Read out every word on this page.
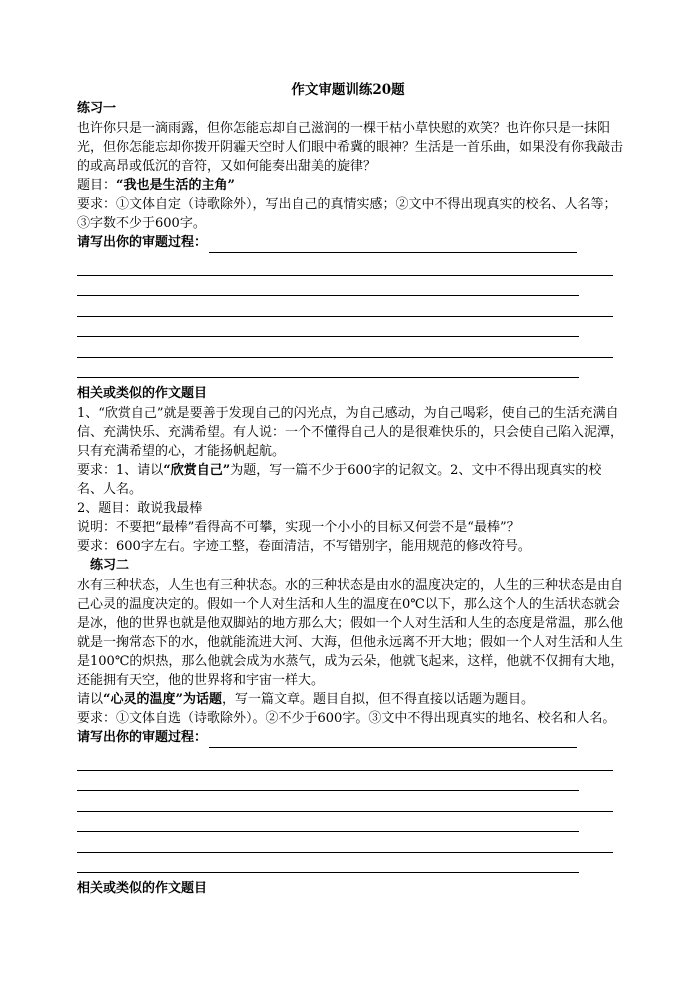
作文审题训练20题
练习一

也许你只是一滴雨露，但你怎能忘却自己滋润的一棵干枯小草快慰的欢笑？也许你只是一抹阳光，但你怎能忘却你拨开阴霾天空时人们眼中希冀的眼神？生活是一首乐曲，如果没有你我敲击的或高昂或低沉的音符，又如何能奏出甜美的旋律？

题目：“我也是生活的主角”

要求：①文体自定（诗歌除外），写出自己的真情实感；②文中不得出现真实的校名、人名等；③字数不少于600字。

请写出你的审题过程：
相关或类似的作文题目

1、“欣赏自己”就是要善于发现自己的闪光点，为自己感动，为自己喝彩，使自己的生活充满自信、充满快乐、充满希望。有人说：一个不懂得自己人的是很难快乐的，只会使自己陷入泥潭，只有充满希望的心，才能扬帆起航。

要求：1、请以“欣赏自己”为题，写一篇不少于600字的记叙文。2、文中不得出现真实的校名、人名。

2、题目：敢说我最棒

说明：不要把“最棒”看得高不可攀，实现一个小小的目标又何尝不是“最棒”？

要求：600字左右。字迹工整，卷面清洁，不写错别字，能用规范的修改符号。

练习二

水有三种状态，人生也有三种状态。水的三种状态是由水的温度决定的，人生的三种状态是由自己心灵的温度决定的。假如一个人对生活和人生的温度在0℃以下，那么这个人的生活状态就会是冰，他的世界也就是他双脚站的地方那么大；假如一个人对生活和人生的态度是常温，那么他就是一掬常态下的水，他就能流进大河、大海，但他永远离不开大地；假如一个人对生活和人生是100℃的炽热，那么他就会成为水蒸气，成为云朵，他就飞起来，这样，他就不仅拥有大地，还能拥有天空，他的世界将和宇宙一样大。

请以“心灵的温度”为话题，写一篇文章。题目自拟，但不得直接以话题为题目。

要求：①文体自选（诗歌除外）。②不少于600字。③文中不得出现真实的地名、校名和人名。

请写出你的审题过程：
相关或类似的作文题目
